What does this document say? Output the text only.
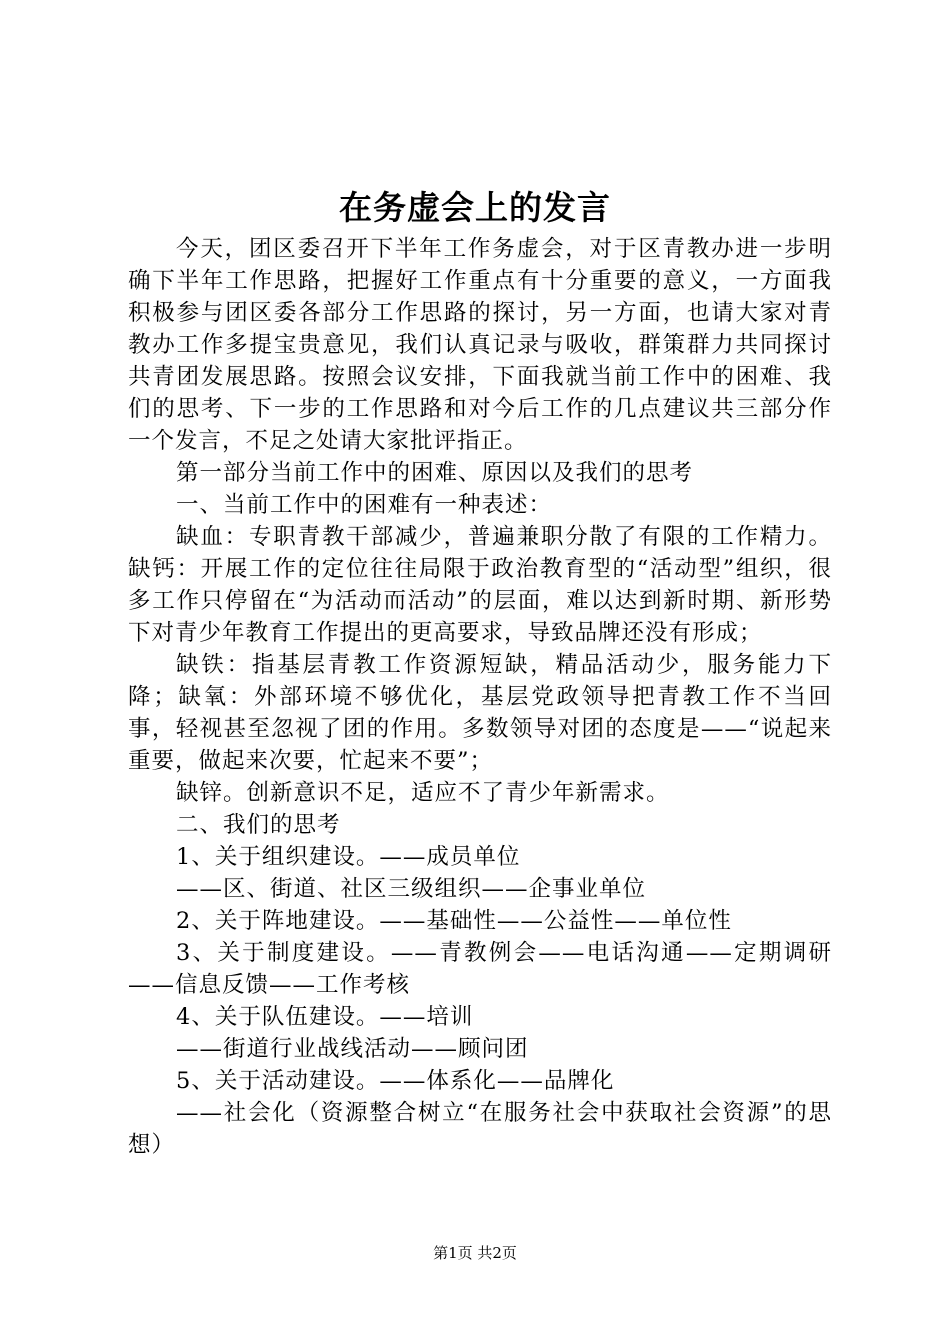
在务虚会上的发言

今天，团区委召开下半年工作务虚会，对于区青教办进一步明确下半年工作思路，把握好工作重点有十分重要的意义，一方面我积极参与团区委各部分工作思路的探讨，另一方面，也请大家对青教办工作多提宝贵意见，我们认真记录与吸收，群策群力共同探讨共青团发展思路。按照会议安排，下面我就当前工作中的困难、我们的思考、下一步的工作思路和对今后工作的几点建议共三部分作一个发言，不足之处请大家批评指正。

第一部分当前工作中的困难、原因以及我们的思考

一、当前工作中的困难有一种表述：

缺血：专职青教干部减少，普遍兼职分散了有限的工作精力。缺钙：开展工作的定位往往局限于政治教育型的“活动型”组织，很多工作只停留在“为活动而活动”的层面，难以达到新时期、新形势下对青少年教育工作提出的更高要求，导致品牌还没有形成；

缺铁：指基层青教工作资源短缺，精品活动少，服务能力下降；缺氧：外部环境不够优化，基层党政领导把青教工作不当回事，轻视甚至忽视了团的作用。多数领导对团的态度是——“说起来重要，做起来次要，忙起来不要”；

缺锌。创新意识不足，适应不了青少年新需求。

二、我们的思考

1、关于组织建设。——成员单位

——区、街道、社区三级组织——企事业单位

2、关于阵地建设。——基础性——公益性——单位性

3、关于制度建设。——青教例会——电话沟通——定期调研——信息反馈——工作考核

4、关于队伍建设。——培训

——街道行业战线活动——顾问团

5、关于活动建设。——体系化——品牌化

——社会化（资源整合树立“在服务社会中获取社会资源”的思想）

第1页 共2页
